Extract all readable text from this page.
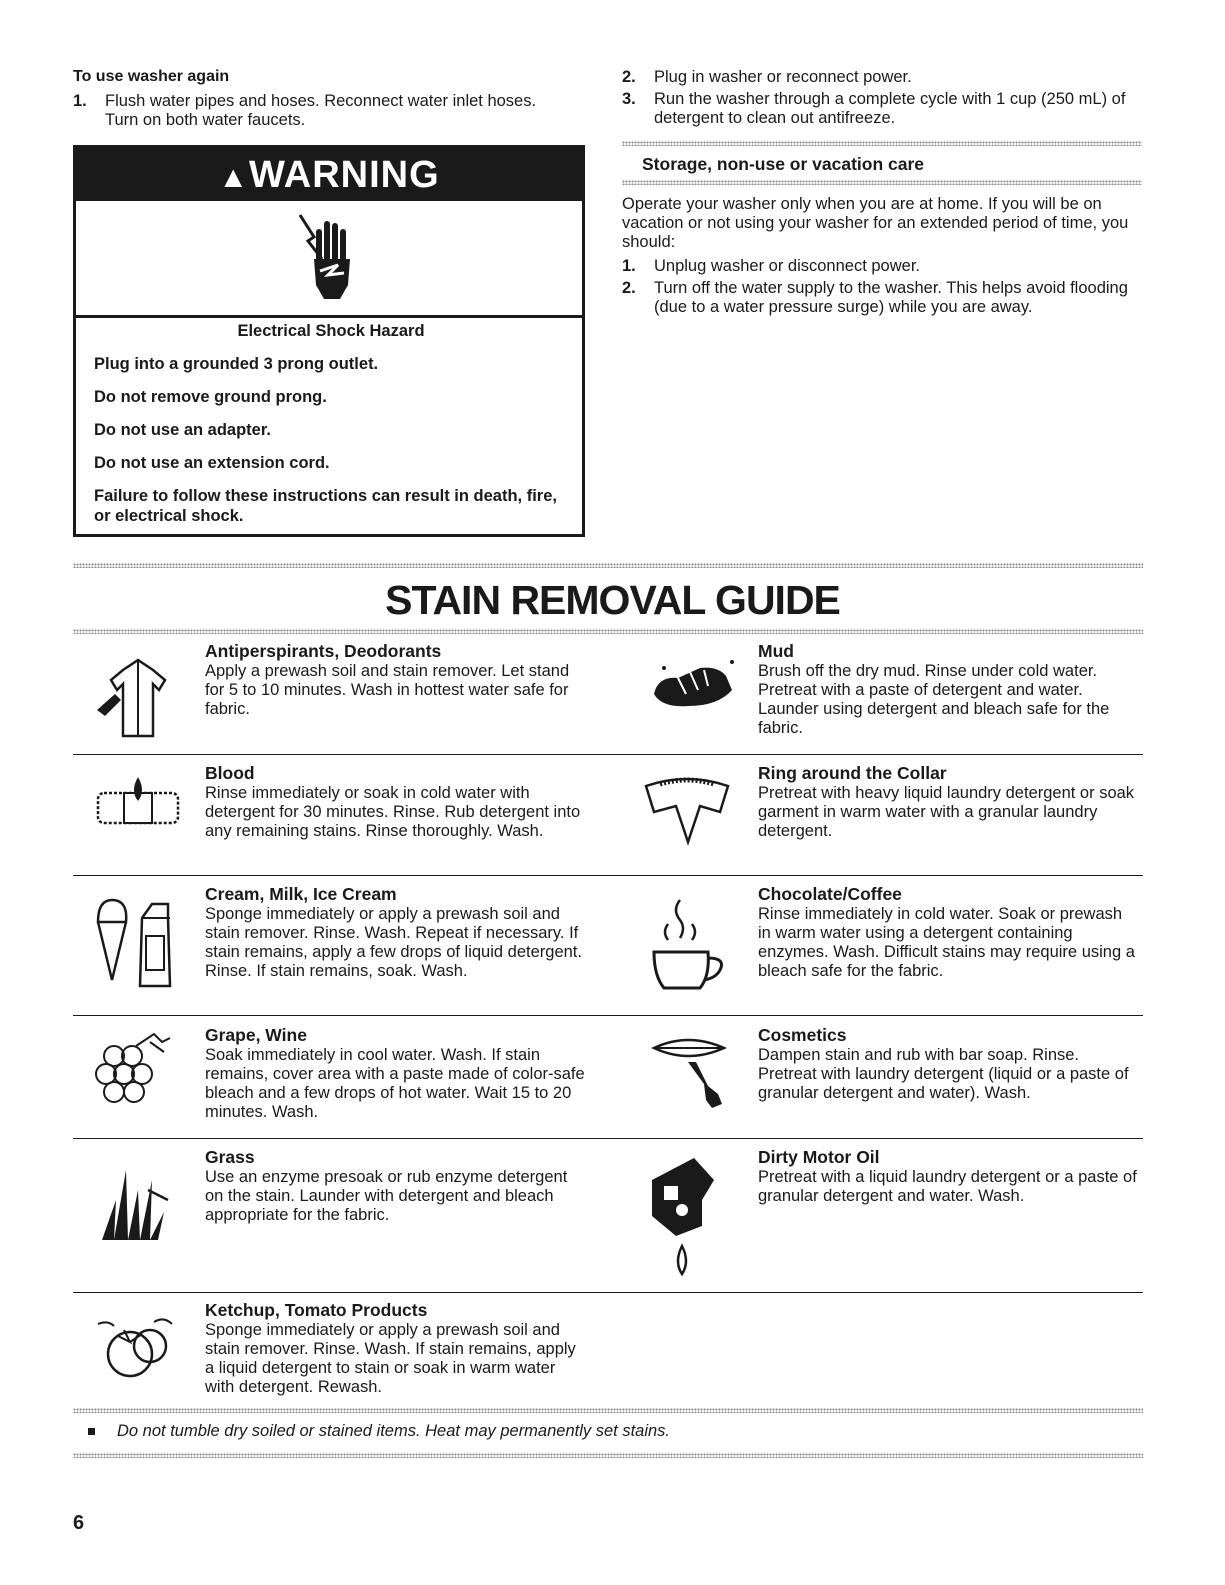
To use washer again
1. Flush water pipes and hoses. Reconnect water inlet hoses. Turn on both water faucets.
▲WARNING
Electrical Shock Hazard

Plug into a grounded 3 prong outlet.

Do not remove ground prong.

Do not use an adapter.

Do not use an extension cord.

Failure to follow these instructions can result in death, fire, or electrical shock.

2. Plug in washer or reconnect power.
3. Run the washer through a complete cycle with 1 cup (250 mL) of detergent to clean out antifreeze.
Storage, non-use or vacation care

Operate your washer only when you are at home. If you will be on vacation or not using your washer for an extended period of time, you should:

1. Unplug washer or disconnect power.
2. Turn off the water supply to the washer. This helps avoid flooding (due to a water pressure surge) while you are away.
STAIN REMOVAL GUIDE
Antiperspirants, Deodorants
Apply a prewash soil and stain remover. Let stand for 5 to 10 minutes. Wash in hottest water safe for fabric.
Mud
Brush off the dry mud. Rinse under cold water. Pretreat with a paste of detergent and water. Launder using detergent and bleach safe for the fabric.
Blood
Rinse immediately or soak in cold water with detergent for 30 minutes. Rinse. Rub detergent into any remaining stains. Rinse thoroughly. Wash.
Ring around the Collar
Pretreat with heavy liquid laundry detergent or soak garment in warm water with a granular laundry detergent.
Cream, Milk, Ice Cream
Sponge immediately or apply a prewash soil and stain remover. Rinse. Wash. Repeat if necessary. If stain remains, apply a few drops of liquid detergent. Rinse. If stain remains, soak. Wash.
Chocolate/Coffee
Rinse immediately in cold water. Soak or prewash in warm water using a detergent containing enzymes. Wash. Difficult stains may require using a bleach safe for the fabric.
Grape, Wine
Soak immediately in cool water. Wash. If stain remains, cover area with a paste made of color-safe bleach and a few drops of hot water. Wait 15 to 20 minutes. Wash.
Cosmetics
Dampen stain and rub with bar soap. Rinse. Pretreat with laundry detergent (liquid or a paste of granular detergent and water). Wash.
Grass
Use an enzyme presoak or rub enzyme detergent on the stain. Launder with detergent and bleach appropriate for the fabric.
Dirty Motor Oil
Pretreat with a liquid laundry detergent or a paste of granular detergent and water. Wash.
Ketchup, Tomato Products
Sponge immediately or apply a prewash soil and stain remover. Rinse. Wash. If stain remains, apply a liquid detergent to stain or soak in warm water with detergent. Rewash.
Do not tumble dry soiled or stained items. Heat may permanently set stains.
6
